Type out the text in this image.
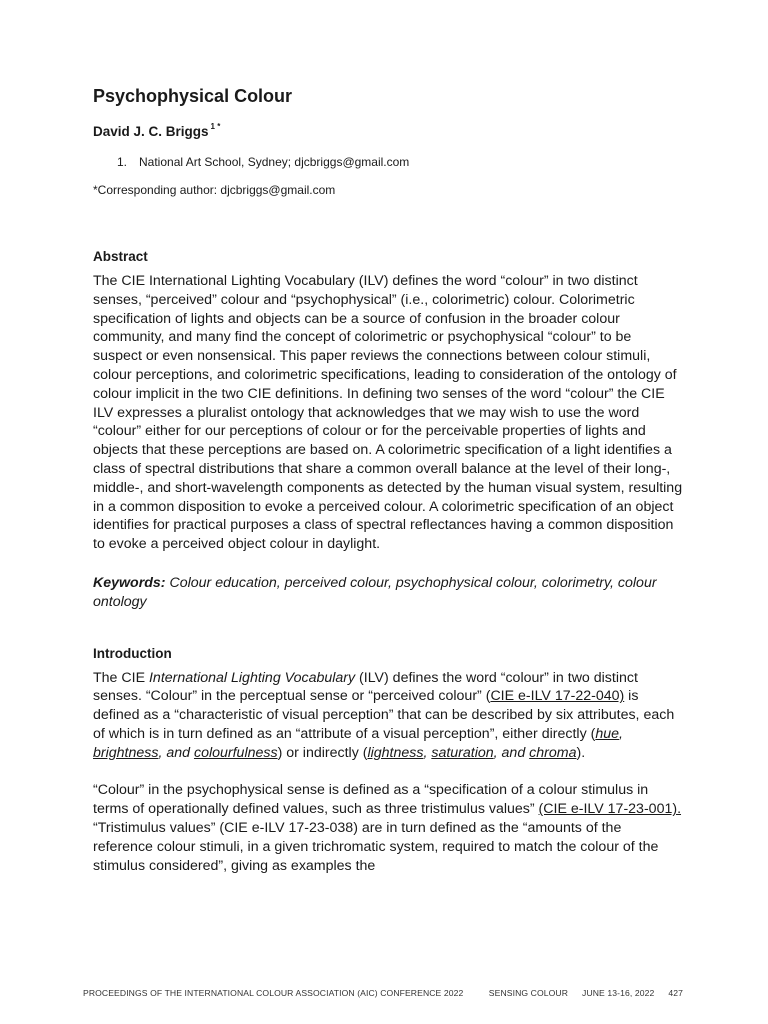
Psychophysical Colour
David J. C. Briggs $^{1 *}$
1. National Art School, Sydney; djcbriggs@gmail.com
*Corresponding author: djcbriggs@gmail.com
Abstract

The CIE International Lighting Vocabulary (ILV) defines the word “colour” in two distinct senses, “perceived” colour and “psychophysical” (i.e., colorimetric) colour. Colorimetric specification of lights and objects can be a source of confusion in the broader colour community, and many find the concept of colorimetric or psychophysical “colour” to be suspect or even nonsensical. This paper reviews the connections between colour stimuli, colour perceptions, and colorimetric specifications, leading to consideration of the ontology of colour implicit in the two CIE definitions. In defining two senses of the word “colour” the CIE ILV expresses a pluralist ontology that acknowledges that we may wish to use the word “colour” either for our perceptions of colour or for the perceivable properties of lights and objects that these perceptions are based on. A colorimetric specification of a light identifies a class of spectral distributions that share a common overall balance at the level of their long-, middle-, and short-wavelength components as detected by the human visual system, resulting in a common disposition to evoke a perceived colour. A colorimetric specification of an object identifies for practical purposes a class of spectral reflectances having a common disposition to evoke a perceived object colour in daylight.

Keywords: Colour education, perceived colour, psychophysical colour, colorimetry, colour ontology

Introduction

The CIE International Lighting Vocabulary (ILV) defines the word “colour” in two distinct senses. “Colour” in the perceptual sense or “perceived colour” (CIE e-ILV 17-22-040) is defined as a “characteristic of visual perception” that can be described by six attributes, each of which is in turn defined as an “attribute of a visual perception”, either directly (hue, brightness, and colourfulness) or indirectly (lightness, saturation, and chroma).

“Colour” in the psychophysical sense is defined as a “specification of a colour stimulus in terms of operationally defined values, such as three tristimulus values” (CIE e-ILV 17-23-001). “Tristimulus values” (CIE e-ILV 17-23-038) are in turn defined as the “amounts of the reference colour stimuli, in a given trichromatic system, required to match the colour of the stimulus considered”, giving as examples the

PROCEEDINGS OF THE INTERNATIONAL COLOUR ASSOCIATION (AIC) CONFERENCE 2022	SENSING COLOUR JUNE 13-16, 2022 427
